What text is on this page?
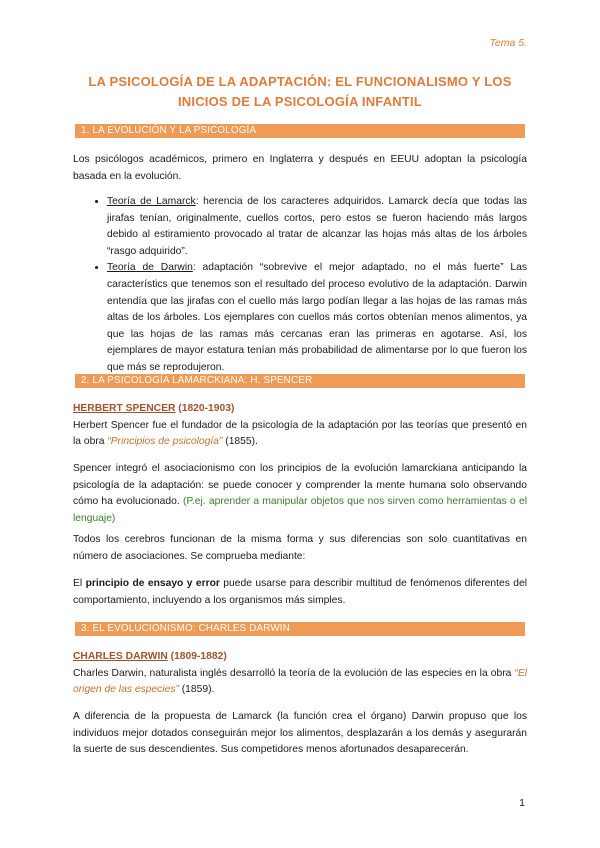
Tema 5.
LA PSICOLOGÍA DE LA ADAPTACIÓN: EL FUNCIONALISMO Y LOS
INICIOS DE LA PSICOLOGÍA INFANTIL
1. LA EVOLUCIÓN Y LA PSICOLOGÍA

Los psicólogos académicos, primero en Inglaterra y después en EEUU adoptan la psicología basada en la evolución.

• Teoría de Lamarck: herencia de los caracteres adquiridos. Lamarck decía que todas las jirafas tenían, originalmente, cuellos cortos, pero estos se fueron haciendo más largos debido al estiramiento provocado al tratar de alcanzar las hojas más altas de los árboles “rasgo adquirido”.
• Teoría de Darwin: adaptación “sobrevive el mejor adaptado, no el más fuerte” Las característics que tenemos son el resultado del proceso evolutivo de la adaptación. Darwin entendía que las jirafas con el cuello más largo podían llegar a las hojas de las ramas más altas de los árboles. Los ejemplares con cuellos más cortos obtenían menos alimentos, ya que las hojas de las ramas más cercanas eran las primeras en agotarse. Así, los ejemplares de mayor estatura tenían más probabilidad de alimentarse por lo que fueron los que más se reprodujeron.
2. LA PSICOLOGÍA LAMARCKIANA: H. SPENCER

HERBERT SPENCER (1820-1903)
Herbert Spencer fue el fundador de la psicología de la adaptación por las teorías que presentó en la obra “Principios de psicología” (1855).

Spencer integró el asociacionismo con los principios de la evolución lamarckiana anticipando la psicología de la adaptación: se puede conocer y comprender la mente humana solo observando cómo ha evolucionado. (P.ej. aprender a manipular objetos que nos sirven como herramientas o el lenguaje)

Todos los cerebros funcionan de la misma forma y sus diferencias son solo cuantitativas en número de asociaciones. Se comprueba mediante:

El principio de ensayo y error puede usarse para describir multitud de fenómenos diferentes del comportamiento, incluyendo a los organismos más simples.

3. EL EVOLUCIONISMO: CHARLES DARWIN

CHARLES DARWIN (1809-1882)
Charles Darwin, naturalista inglés desarrolló la teoría de la evolución de las especies en la obra “El origen de las especies” (1859).

A diferencia de la propuesta de Lamarck (la función crea el órgano) Darwin propuso que los individuos mejor dotados conseguirán mejor los alimentos, desplazarán a los demás y asegurarán la suerte de sus descendientes. Sus competidores menos afortunados desaparecerán.

1
